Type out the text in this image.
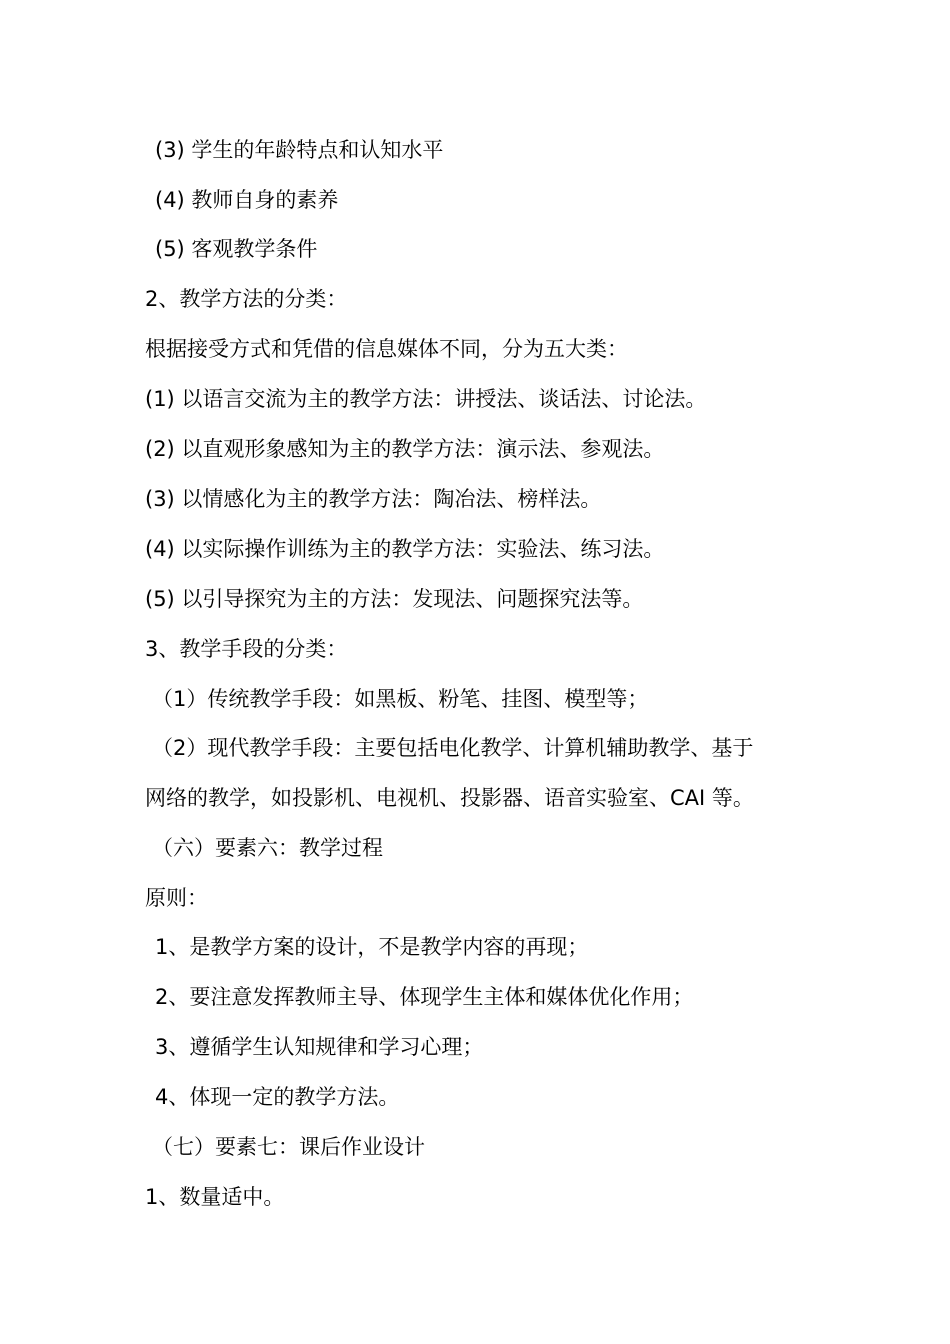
(3) 学生的年龄特点和认知水平
(4) 教师自身的素养
(5) 客观教学条件
2、教学方法的分类：
根据接受方式和凭借的信息媒体不同，分为五大类：
(1) 以语言交流为主的教学方法：讲授法、谈话法、讨论法。
(2) 以直观形象感知为主的教学方法：演示法、参观法。
(3) 以情感化为主的教学方法：陶冶法、榜样法。
(4) 以实际操作训练为主的教学方法：实验法、练习法。
(5) 以引导探究为主的方法：发现法、问题探究法等。
3、教学手段的分类：
（1）传统教学手段：如黑板、粉笔、挂图、模型等；
（2）现代教学手段：主要包括电化教学、计算机辅助教学、基于
网络的教学，如投影机、电视机、投影器、语音实验室、CAI 等。
（六）要素六：教学过程
原则：
1、是教学方案的设计，不是教学内容的再现；
2、要注意发挥教师主导、体现学生主体和媒体优化作用；
3、遵循学生认知规律和学习心理；
4、体现一定的教学方法。
（七）要素七：课后作业设计
1、数量适中。
